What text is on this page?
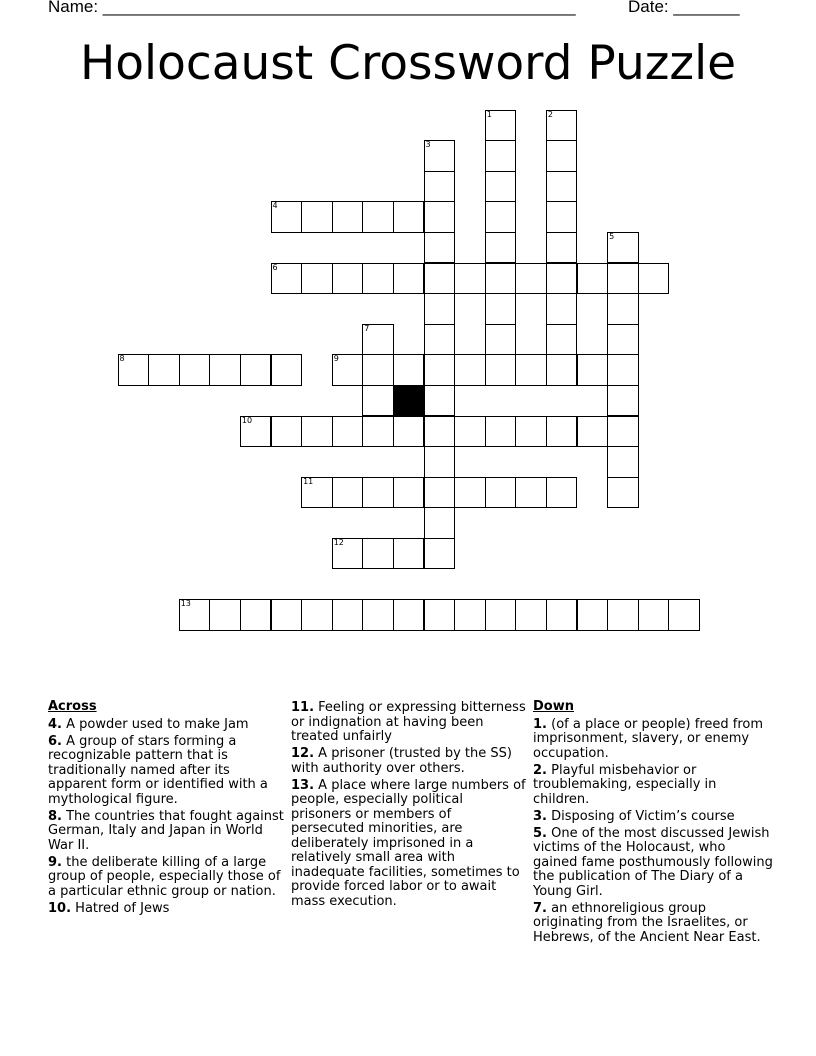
Name: __________________________________________________	Date: _______
Holocaust Crossword Puzzle
4
6
8	9
10
11
12
13
1	2
3
5
7
Across
4. A powder used to make Jam
6. A group of stars forming a recognizable pattern that is traditionally named after its apparent form or identified with a mythological figure.
8. The countries that fought against German, Italy and Japan in World War II.
9. the deliberate killing of a large group of people, especially those of a particular ethnic group or nation.
10. Hatred of Jews
11. Feeling or expressing bitterness or indignation at having been treated unfairly
12. A prisoner (trusted by the SS) with authority over others.
13. A place where large numbers of people, especially political prisoners or members of persecuted minorities, are deliberately imprisoned in a relatively small area with inadequate facilities, sometimes to provide forced labor or to await mass execution.
Down
1. (of a place or people) freed from imprisonment, slavery, or enemy occupation.
2. Playful misbehavior or troublemaking, especially in children.
3. Disposing of Victim’s course
5. One of the most discussed Jewish victims of the Holocaust, who gained fame posthumously following the publication of The Diary of a Young Girl.
7. an ethnoreligious group originating from the Israelites, or Hebrews, of the Ancient Near East.
